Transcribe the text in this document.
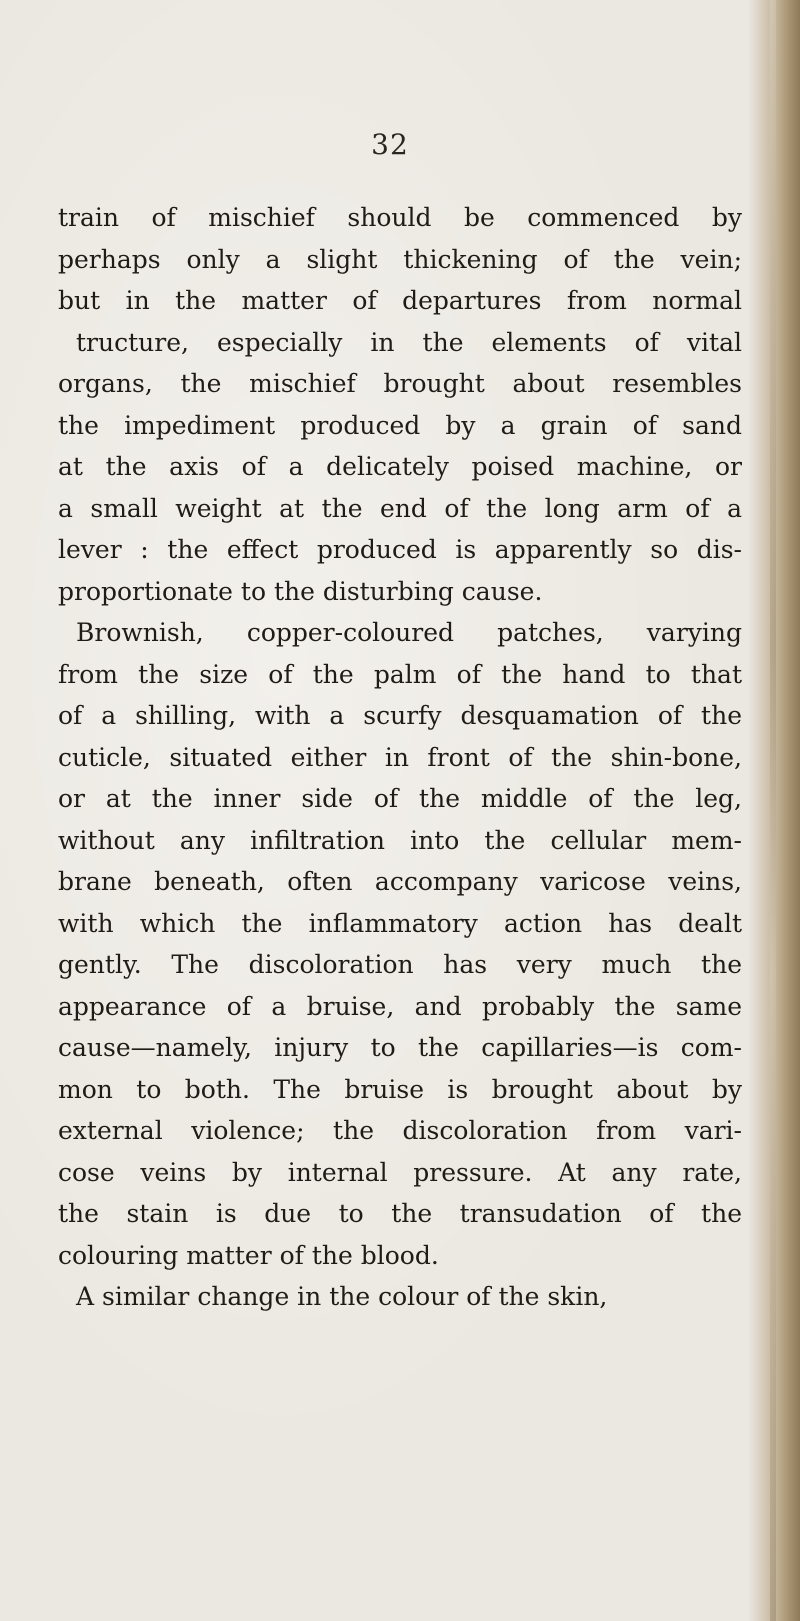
32
train of mischief should be commenced by
perhaps only a slight thickening of the vein;
but in the matter of departures from normal
tructure, especially in the elements of vital
organs, the mischief brought about resembles
the impediment produced by a grain of sand
at the axis of a delicately poised machine, or
a small weight at the end of the long arm of a
lever : the effect produced is apparently so dis-
proportionate to the disturbing cause.
Brownish, copper-coloured patches, varying
from the size of the palm of the hand to that
of a shilling, with a scurfy desquamation of the
cuticle, situated either in front of the shin-bone,
or at the inner side of the middle of the leg,
without any infiltration into the cellular mem-
brane beneath, often accompany varicose veins,
with which the inflammatory action has dealt
gently. The discoloration has very much the
appearance of a bruise, and probably the same
cause—namely, injury to the capillaries—is com-
mon to both. The bruise is brought about by
external violence; the discoloration from vari-
cose veins by internal pressure. At any rate,
the stain is due to the transudation of the
colouring matter of the blood.
A similar change in the colour of the skin,
